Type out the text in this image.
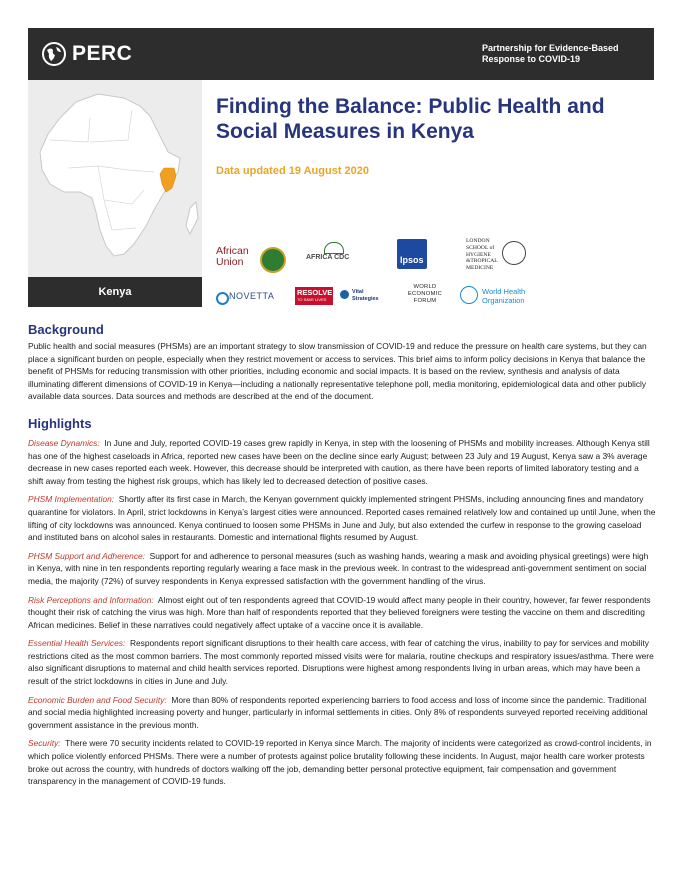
PERC	Partnership for Evidence-Based
Response to COVID-19
Kenya
Finding the Balance: Public Health and Social Measures in Kenya
Data updated 19 August 2020
African
Union	AFRICA CDC	Ipsos
LONDON
SCHOOL of
HYGIENE
&TROPICAL
MEDICINE
NOVETTA	RESOLVE
TO SAVE LIVES
Vital
Strategies
WORLD
ECONOMIC
FORUM
World Health
Organization
Background

Public health and social measures (PHSMs) are an important strategy to slow transmission of COVID-19 and reduce the pressure on health care systems, but they can place a significant burden on people, especially when they restrict movement or access to services. This brief aims to inform policy decisions in Kenya that balance the benefit of PHSMs for reducing transmission with other priorities, including economic and social impacts. It is based on the review, synthesis and analysis of data illuminating different dimensions of COVID-19 in Kenya—including a nationally representative telephone poll, media monitoring, epidemiological data and other publicly available data sources. Data sources and methods are described at the end of the document.

Highlights

Disease Dynamics: In June and July, reported COVID-19 cases grew rapidly in Kenya, in step with the loosening of PHSMs and mobility increases. Although Kenya still has one of the highest caseloads in Africa, reported new cases have been on the decline since early August; between 23 July and 19 August, Kenya saw a 3% average decrease in new cases reported each week. However, this decrease should be interpreted with caution, as there have been reports of limited laboratory testing and a shift away from testing the highest risk groups, which has likely led to decreased detection of positive cases.

PHSM Implementation: Shortly after its first case in March, the Kenyan government quickly implemented stringent PHSMs, including announcing fines and mandatory quarantine for violators. In April, strict lockdowns in Kenya’s largest cities were announced. Reported cases remained relatively low and contained up until June, when the lifting of city lockdowns was announced. Kenya continued to loosen some PHSMs in June and July, but also extended the curfew in response to the growing caseload and instituted bans on alcohol sales in restaurants. Domestic and international flights resumed by August.

PHSM Support and Adherence: Support for and adherence to personal measures (such as washing hands, wearing a mask and avoiding physical greetings) were high in Kenya, with nine in ten respondents reporting regularly wearing a face mask in the previous week. In contrast to the widespread anti-government sentiment on social media, the majority (72%) of survey respondents in Kenya expressed satisfaction with the government handling of the virus.

Risk Perceptions and Information: Almost eight out of ten respondents agreed that COVID-19 would affect many people in their country, however, far fewer respondents thought their risk of catching the virus was high. More than half of respondents reported that they believed foreigners were testing the vaccine on them and discrediting African medicines. Belief in these narratives could negatively affect uptake of a vaccine once it is available.

Essential Health Services: Respondents report significant disruptions to their health care access, with fear of catching the virus, inability to pay for services and mobility restrictions cited as the most common barriers. The most commonly reported missed visits were for malaria, routine checkups and respiratory issues/asthma. There were also significant disruptions to maternal and child health services reported. Disruptions were highest among respondents living in urban areas, which may have been a result of the strict lockdowns in cities in June and July.

Economic Burden and Food Security: More than 80% of respondents reported experiencing barriers to food access and loss of income since the pandemic. Traditional and social media highlighted increasing poverty and hunger, particularly in informal settlements in cities. Only 8% of respondents surveyed reported receiving additional government assistance in the previous month.

Security: There were 70 security incidents related to COVID-19 reported in Kenya since March. The majority of incidents were categorized as crowd-control incidents, in which police violently enforced PHSMs. There were a number of protests against police brutality following these incidents. In August, major health care worker protests broke out across the country, with hundreds of doctors walking off the job, demanding better personal protective equipment, fair compensation and government transparency in the management of COVID-19 funds.
